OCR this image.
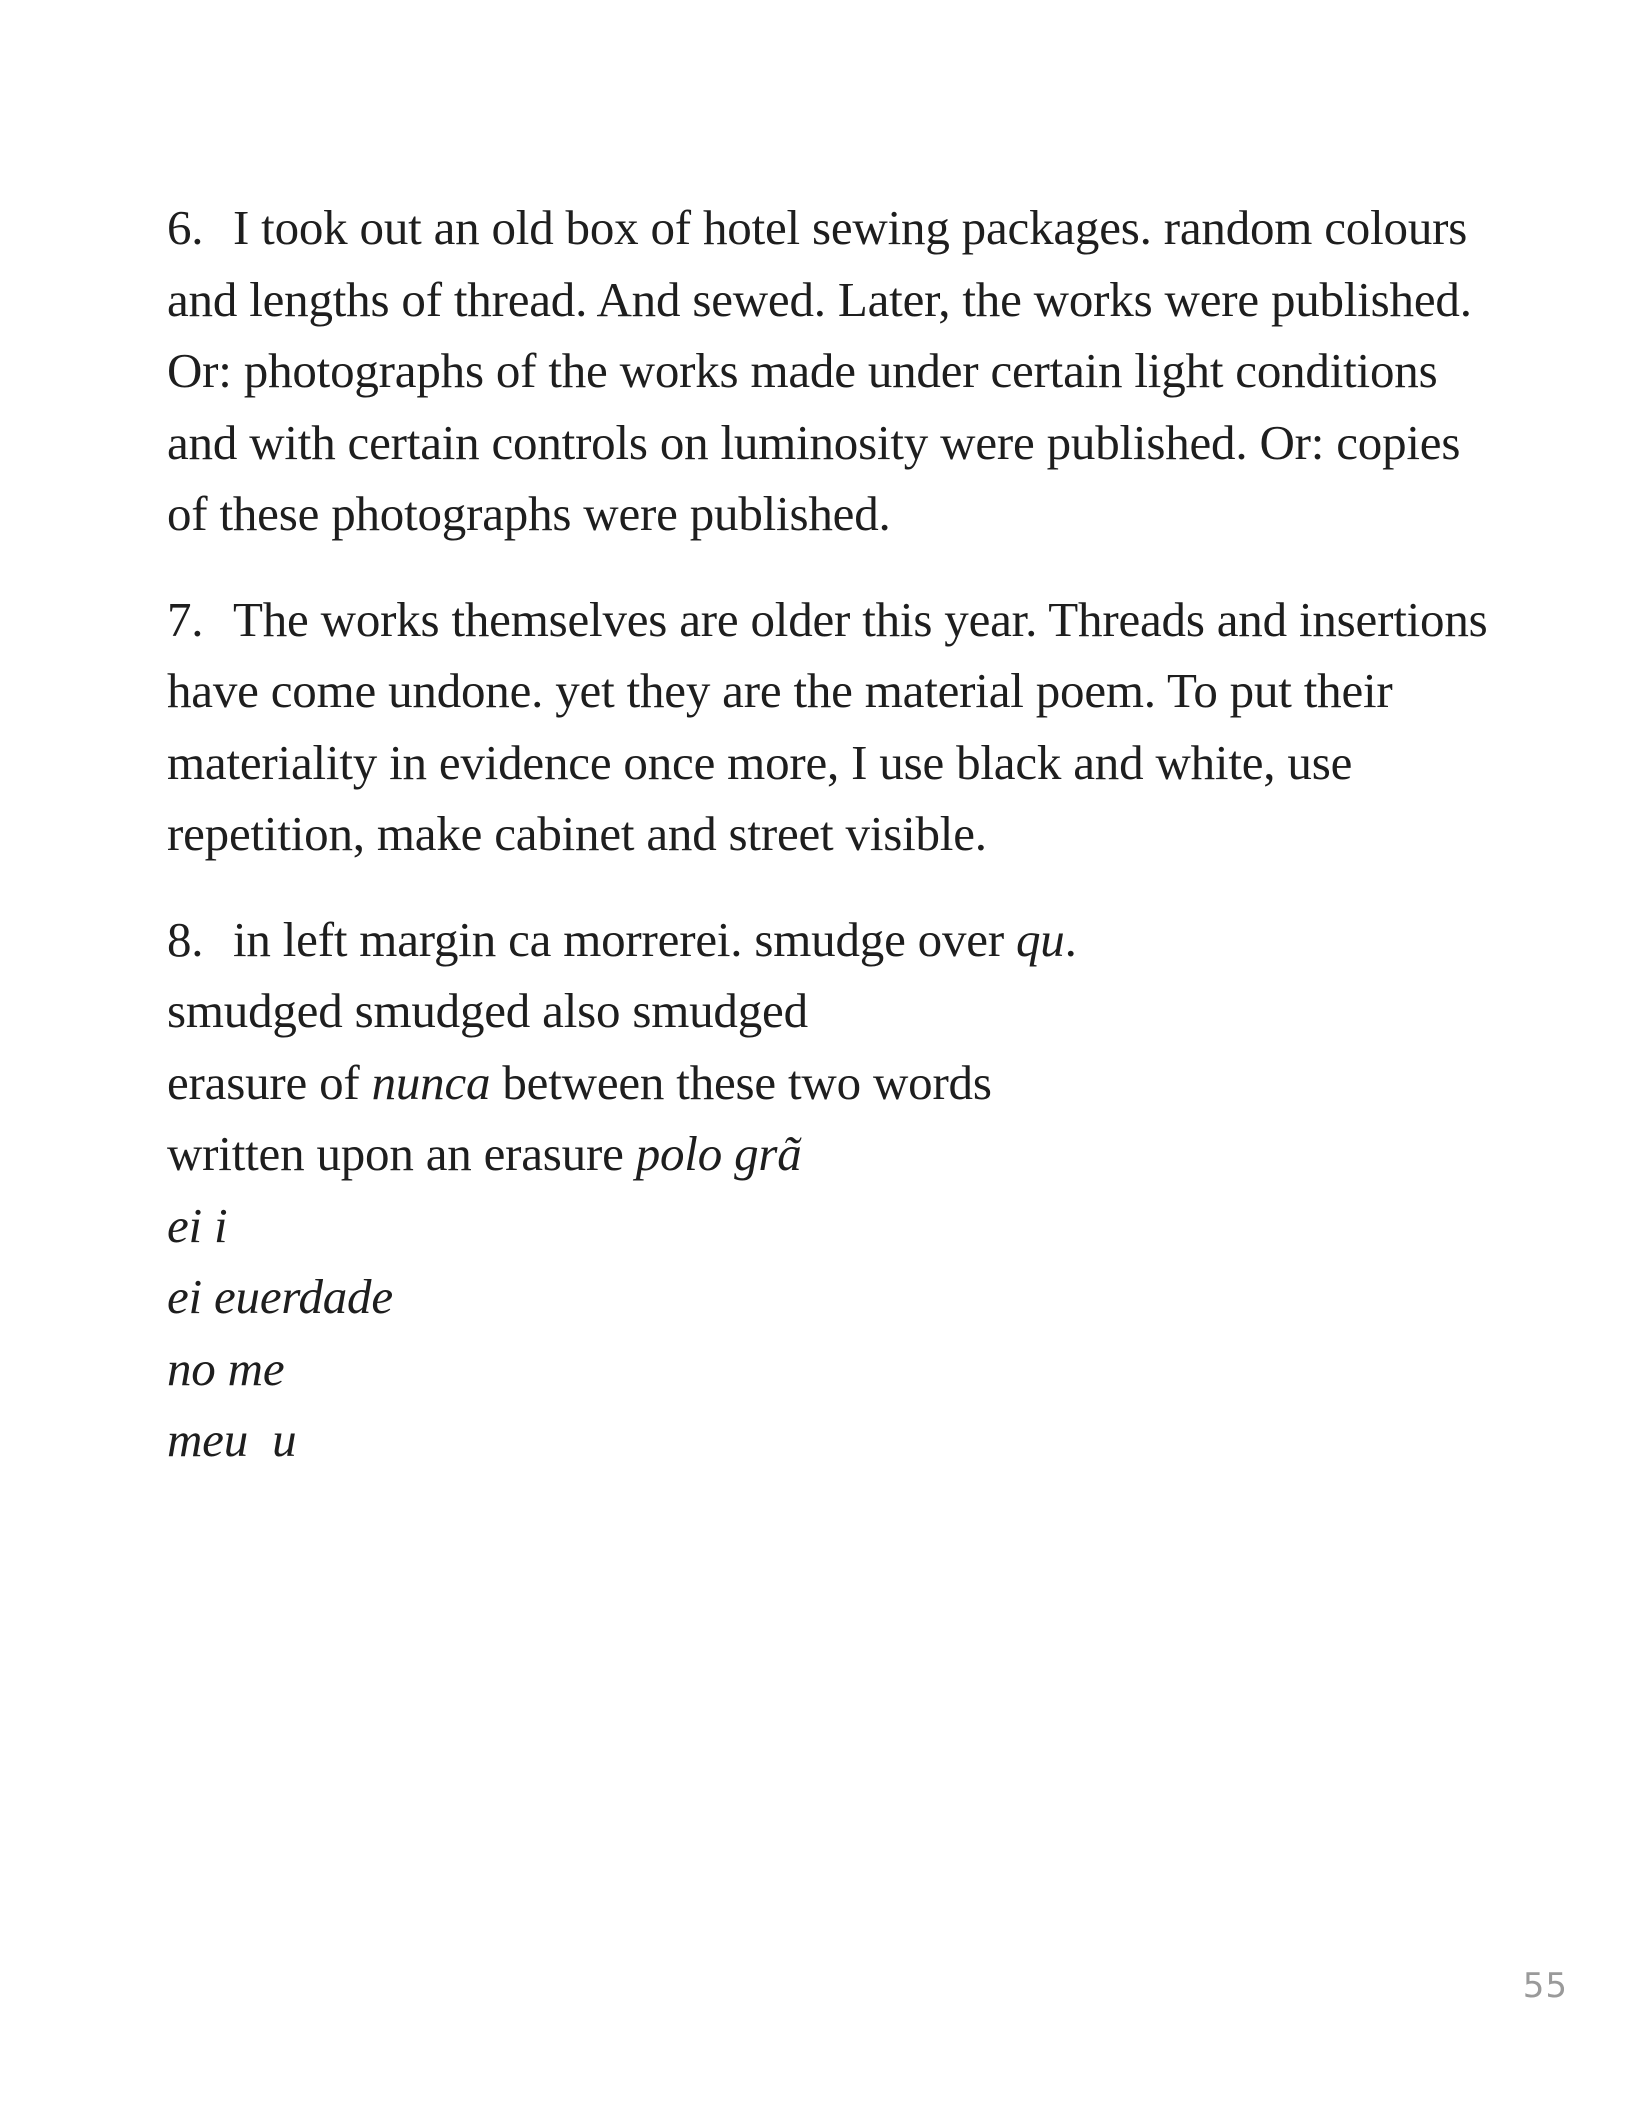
6. I took out an old box of hotel sewing packages. random colours and lengths of thread. And sewed. Later, the works were published. Or: photographs of the works made under certain light conditions and with certain controls on luminosity were published. Or: copies of these photographs were published.

7. The works themselves are older this year. Threads and insertions have come undone. yet they are the material poem. To put their materiality in evidence once more, I use black and white, use repetition, make cabinet and street visible.

8. in left margin ca morrerei. smudge over qu.
smudged smudged also smudged
erasure of nunca between these two words
written upon an erasure polo grã
ei i
ei euerdade
no me
meu  u
55
